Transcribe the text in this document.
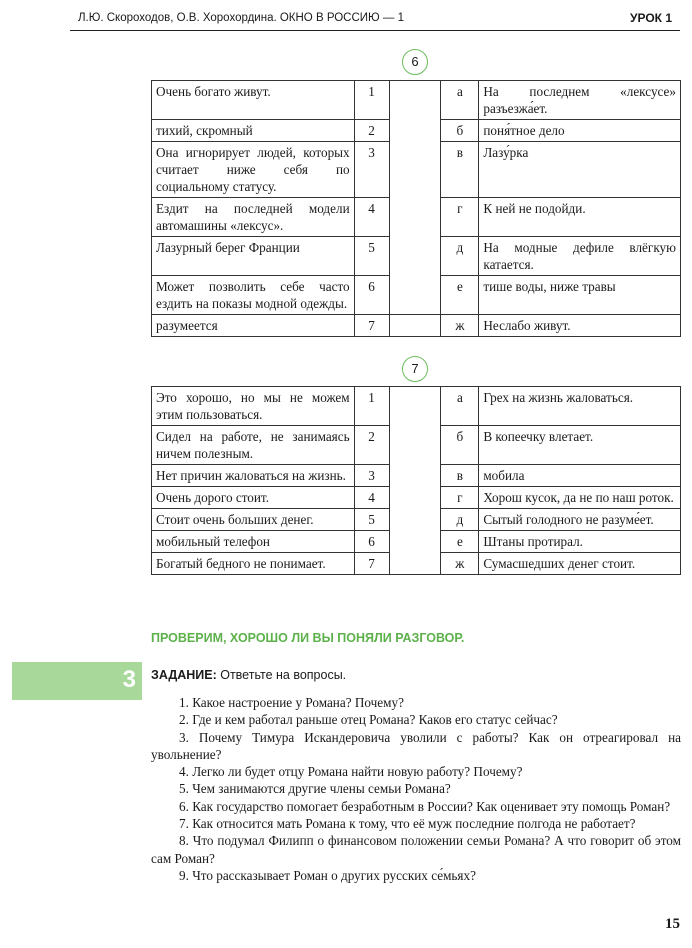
Л.Ю. Скороходов, О.В. Хорохордина. ОКНО В РОССИЮ — 1	УРОК 1
6
Очень богато живут.	1		а	На последнем «лексусе» разъезжа́ет.
тихий, скромный	2		б	поня́тное дело
Она игнорирует людей, которых считает ниже себя по социальному статусу.	3		в	Лазу́рка
Ездит на последней модели автомашины «лексус».	4		г	К ней не подойди.
Лазурный берег Франции	5		д	На модные дефиле влёгкую катается.
Может позволить себе часто ездить на показы модной одежды.	6		е	тише воды, ниже травы
разумеется	7		ж	Неслабо живут.
7
Это хорошо, но мы не можем этим пользоваться.	1		а	Грех на жизнь жаловаться.
Сидел на работе, не занимаясь ничем полезным.	2		б	В копеечку влетает.
Нет причин жаловаться на жизнь.	3		в	мобила
Очень дорого стоит.	4		г	Хорош кусок, да не по наш роток.
Стоит очень больших денег.	5		д	Сытый голодного не разуме́ет.
мобильный телефон	6		е	Штаны протирал.
Богатый бедного не понимает.	7		ж	Сумасшедших денег стоит.
ПРОВЕРИМ, ХОРОШО ЛИ ВЫ ПОНЯЛИ РАЗГОВОР.
3 ЗАДАНИЕ: Ответьте на вопросы.

1. Какое настроение у Романа? Почему?

2. Где и кем работал раньше отец Романа? Каков его статус сейчас?

3. Почему Тимура Искандеровича уволили с работы? Как он отреагировал на увольнение?

4. Легко ли будет отцу Романа найти новую работу? Почему?

5. Чем занимаются другие члены семьи Романа?

6. Как государство помогает безработным в России? Как оценивает эту помощь Роман?

7. Как относится мать Романа к тому, что её муж последние полгода не работает?

8. Что подумал Филипп о финансовом положении семьи Романа? А что говорит об этом сам Роман?

9. Что рассказывает Роман о других русских се́мьях?

15
